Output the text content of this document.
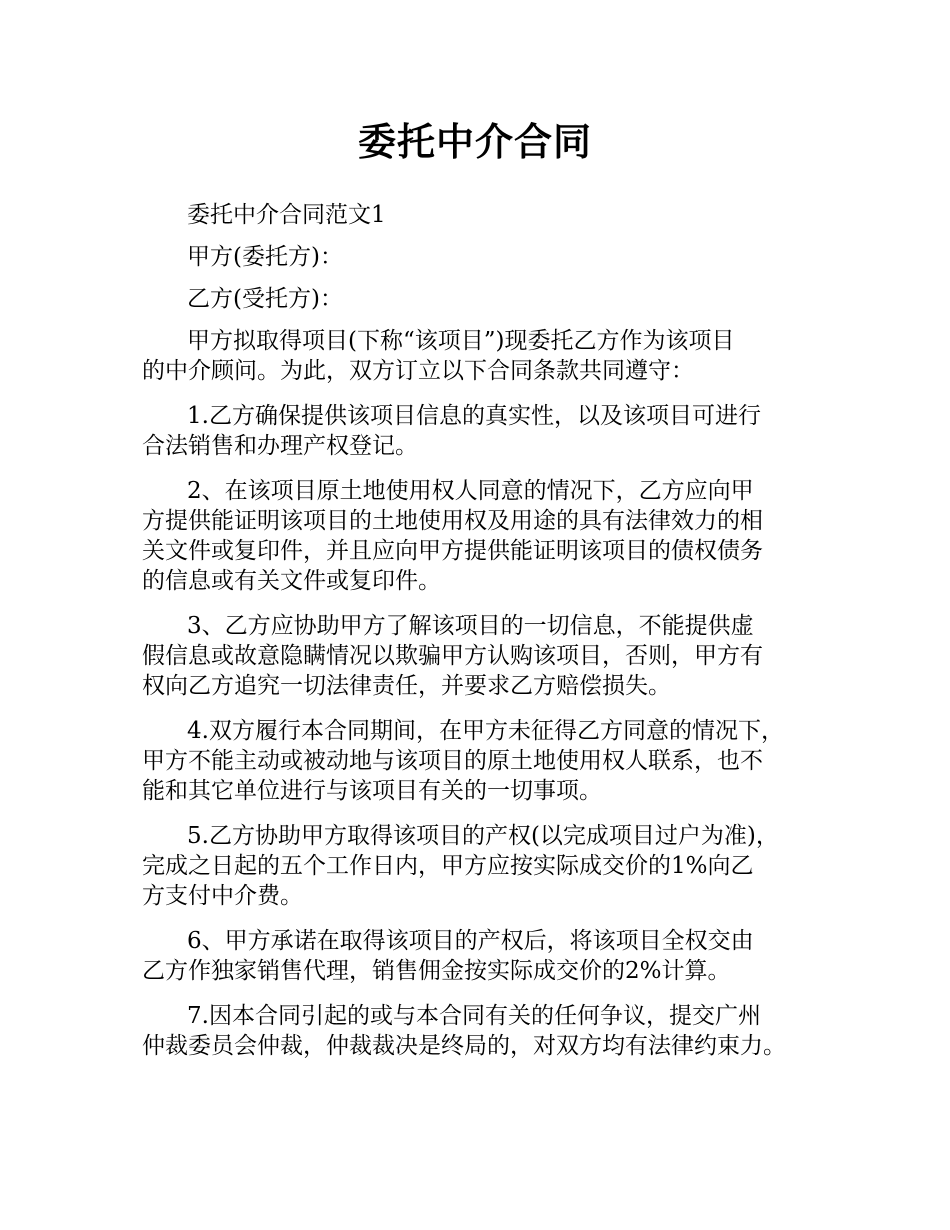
委托中介合同

委托中介合同范文1

甲方(委托方)：

乙方(受托方)：

甲方拟取得项目(下称“该项目”)现委托乙方作为该项目
的中介顾问。为此，双方订立以下合同条款共同遵守：

1.乙方确保提供该项目信息的真实性，以及该项目可进行
合法销售和办理产权登记。

2、在该项目原土地使用权人同意的情况下，乙方应向甲
方提供能证明该项目的土地使用权及用途的具有法律效力的相
关文件或复印件，并且应向甲方提供能证明该项目的债权债务
的信息或有关文件或复印件。

3、乙方应协助甲方了解该项目的一切信息，不能提供虚
假信息或故意隐瞒情况以欺骗甲方认购该项目，否则，甲方有
权向乙方追究一切法律责任，并要求乙方赔偿损失。

4.双方履行本合同期间，在甲方未征得乙方同意的情况下，
甲方不能主动或被动地与该项目的原土地使用权人联系，也不
能和其它单位进行与该项目有关的一切事项。

5.乙方协助甲方取得该项目的产权(以完成项目过户为准)，
完成之日起的五个工作日内，甲方应按实际成交价的1%向乙
方支付中介费。

6、甲方承诺在取得该项目的产权后，将该项目全权交由
乙方作独家销售代理，销售佣金按实际成交价的2%计算。

7.因本合同引起的或与本合同有关的任何争议，提交广州
仲裁委员会仲裁，仲裁裁决是终局的，对双方均有法律约束力。
